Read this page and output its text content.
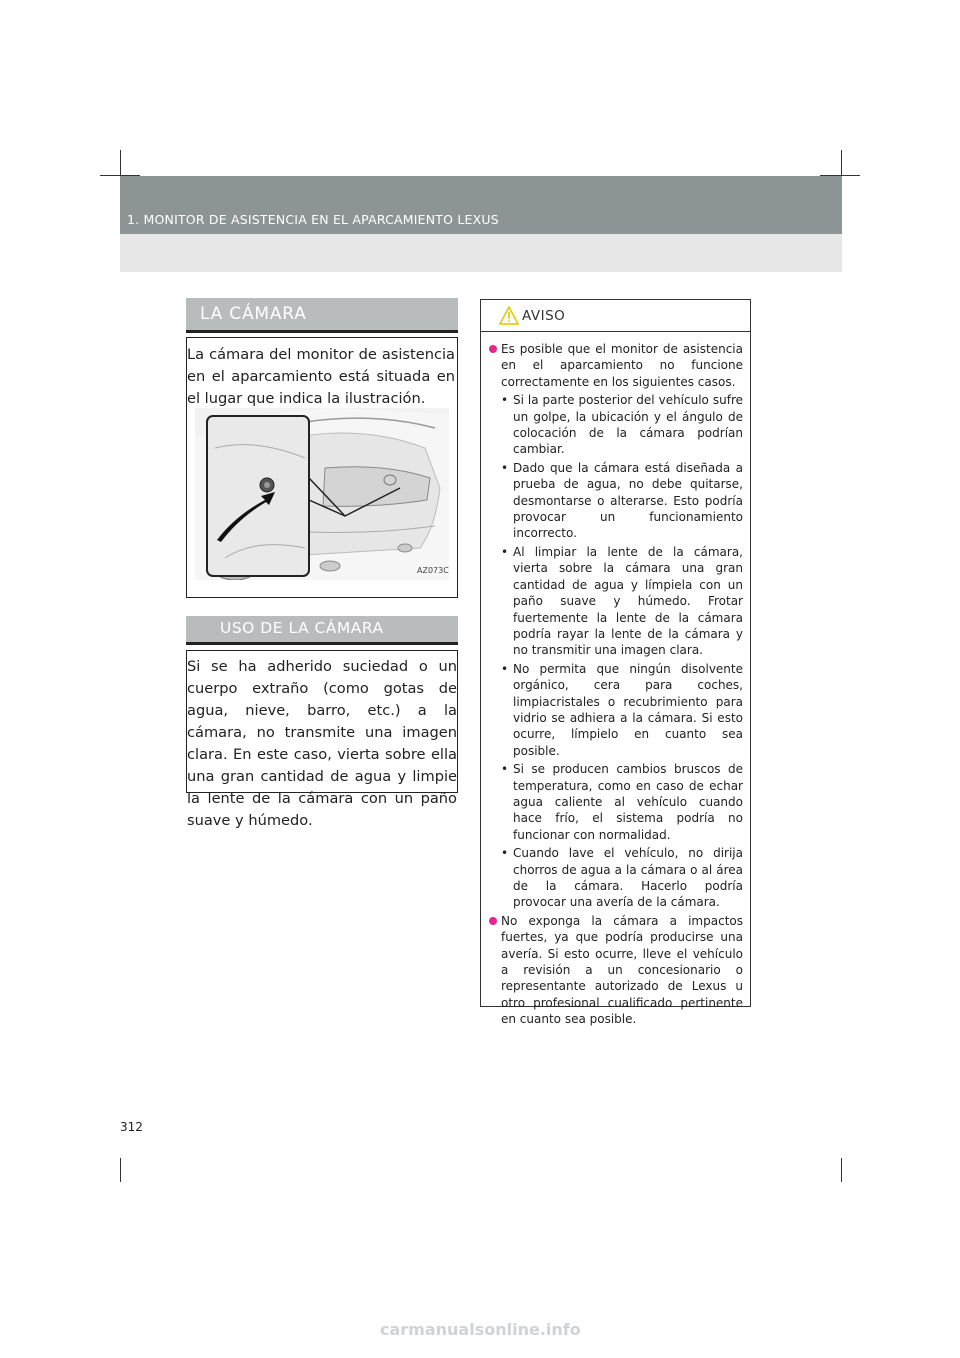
1. MONITOR DE ASISTENCIA EN EL APARCAMIENTO LEXUS
LA CÁMARA
La cámara del monitor de asistencia en el aparcamiento está situada en el lugar que indica la ilustración.
AZ073C
USO DE LA CÁMARA
Si se ha adherido suciedad o un cuerpo extraño (como gotas de agua, nieve, barro, etc.) a la cámara, no transmite una imagen clara. En este caso, vierta sobre ella una gran cantidad de agua y limpie la lente de la cámara con un paño suave y húmedo.
AVISO
Es posible que el monitor de asistencia en el aparcamiento no funcione correctamente en los siguientes casos.
• Si la parte posterior del vehículo sufre un golpe, la ubicación y el ángulo de colocación de la cámara podrían cambiar.
• Dado que la cámara está diseñada a prueba de agua, no debe quitarse, desmontarse o alterarse. Esto podría provocar un funcionamiento incorrecto.
• Al limpiar la lente de la cámara, vierta sobre la cámara una gran cantidad de agua y límpiela con un paño suave y húmedo. Frotar fuertemente la lente de la cámara podría rayar la lente de la cámara y no transmitir una imagen clara.
• No permita que ningún disolvente orgánico, cera para coches, limpiacristales o recubrimiento para vidrio se adhiera a la cámara. Si esto ocurre, límpielo en cuanto sea posible.
• Si se producen cambios bruscos de temperatura, como en caso de echar agua caliente al vehículo cuando hace frío, el sistema podría no funcionar con normalidad.
• Cuando lave el vehículo, no dirija chorros de agua a la cámara o al área de la cámara. Hacerlo podría provocar una avería de la cámara.
No exponga la cámara a impactos fuertes, ya que podría producirse una avería. Si esto ocurre, lleve el vehículo a revisión a un concesionario o representante autorizado de Lexus u otro profesional cualificado pertinente en cuanto sea posible.
312
carmanualsonline.info
